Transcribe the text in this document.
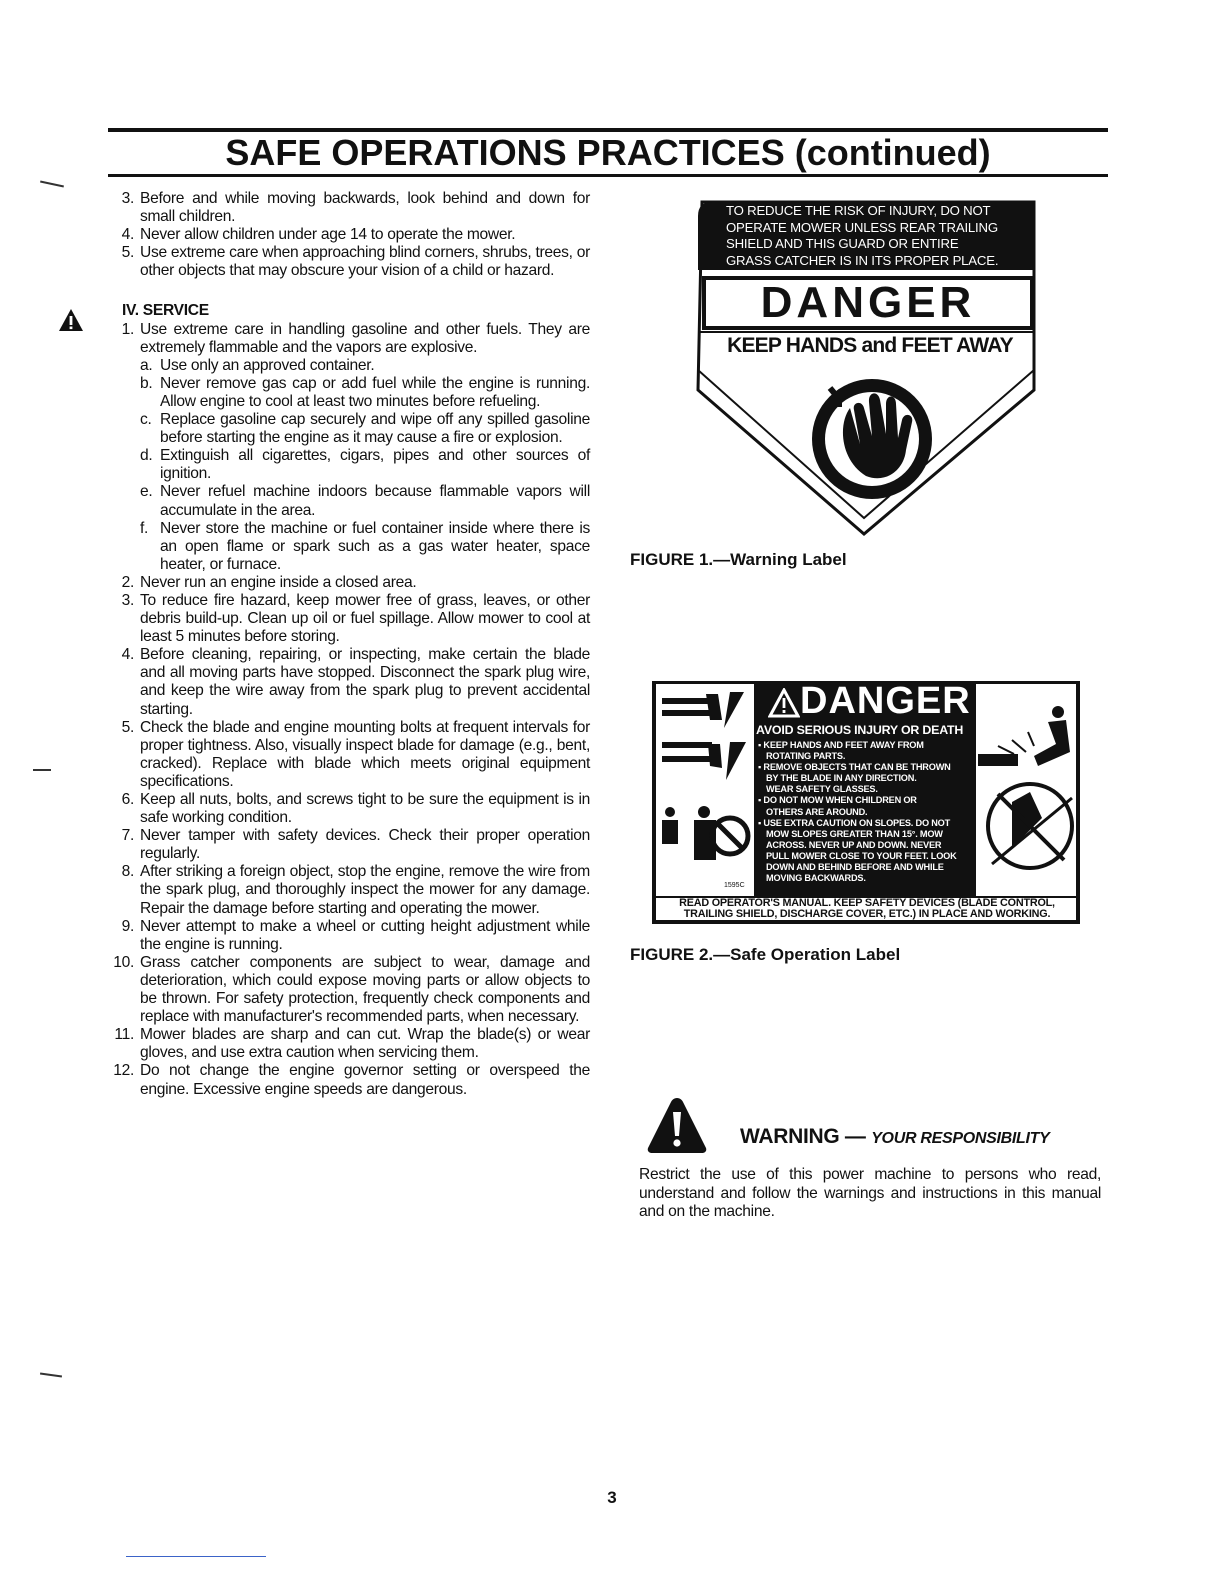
SAFE OPERATIONS PRACTICES (continued)
3. Before and while moving backwards, look behind and down for small children.
4. Never allow children under age 14 to operate the mower.
5. Use extreme care when approaching blind corners, shrubs, trees, or other objects that may obscure your vision of a child or hazard.
IV. SERVICE
1. Use extreme care in handling gasoline and other fuels. They are extremely flammable and the vapors are explosive.
a. Use only an approved container.
b. Never remove gas cap or add fuel while the engine is running. Allow engine to cool at least two minutes before refueling.
c. Replace gasoline cap securely and wipe off any spilled gasoline before starting the engine as it may cause a fire or explosion.
d. Extinguish all cigarettes, cigars, pipes and other sources of ignition.
e. Never refuel machine indoors because flammable vapors will accumulate in the area.
f. Never store the machine or fuel container inside where there is an open flame or spark such as a gas water heater, space heater, or furnace.
2. Never run an engine inside a closed area.
3. To reduce fire hazard, keep mower free of grass, leaves, or other debris build-up. Clean up oil or fuel spillage. Allow mower to cool at least 5 minutes before storing.
4. Before cleaning, repairing, or inspecting, make certain the blade and all moving parts have stopped. Disconnect the spark plug wire, and keep the wire away from the spark plug to prevent accidental starting.
5. Check the blade and engine mounting bolts at frequent intervals for proper tightness. Also, visually inspect blade for damage (e.g., bent, cracked). Replace with blade which meets original equipment specifications.
6. Keep all nuts, bolts, and screws tight to be sure the equipment is in safe working condition.
7. Never tamper with safety devices. Check their proper operation regularly.
8. After striking a foreign object, stop the engine, remove the wire from the spark plug, and thoroughly inspect the mower for any damage. Repair the damage before starting and operating the mower.
9. Never attempt to make a wheel or cutting height adjustment while the engine is running.
10. Grass catcher components are subject to wear, damage and deterioration, which could expose moving parts or allow objects to be thrown. For safety protection, frequently check components and replace with manufacturer's recommended parts, when necessary.
11. Mower blades are sharp and can cut. Wrap the blade(s) or wear gloves, and use extra caution when servicing them.
12. Do not change the engine governor setting or overspeed the engine. Excessive engine speeds are dangerous.
TO REDUCE THE RISK OF INJURY, DO NOT
OPERATE MOWER UNLESS REAR TRAILING
SHIELD AND THIS GUARD OR ENTIRE
GRASS CATCHER IS IN ITS PROPER PLACE.
DANGER
KEEP HANDS and FEET AWAY
FIGURE 1.—Warning Label
1595C
DANGER
AVOID SERIOUS INJURY OR DEATH
▪ KEEP HANDS AND FEET AWAY FROM
ROTATING PARTS.
▪ REMOVE OBJECTS THAT CAN BE THROWN
BY THE BLADE IN ANY DIRECTION.
WEAR SAFETY GLASSES.
▪ DO NOT MOW WHEN CHILDREN OR
OTHERS ARE AROUND.
▪ USE EXTRA CAUTION ON SLOPES. DO NOT
MOW SLOPES GREATER THAN 15°. MOW
ACROSS. NEVER UP AND DOWN. NEVER
PULL MOWER CLOSE TO YOUR FEET. LOOK
DOWN AND BEHIND BEFORE AND WHILE
MOVING BACKWARDS.	MAX 15°
READ OPERATOR'S MANUAL. KEEP SAFETY DEVICES (BLADE CONTROL,
TRAILING SHIELD, DISCHARGE COVER, ETC.) IN PLACE AND WORKING.
FIGURE 2.—Safe Operation Label
WARNING — YOUR RESPONSIBILITY
Restrict the use of this power machine to persons who read, understand and follow the warnings and instructions in this manual and on the machine.
3
